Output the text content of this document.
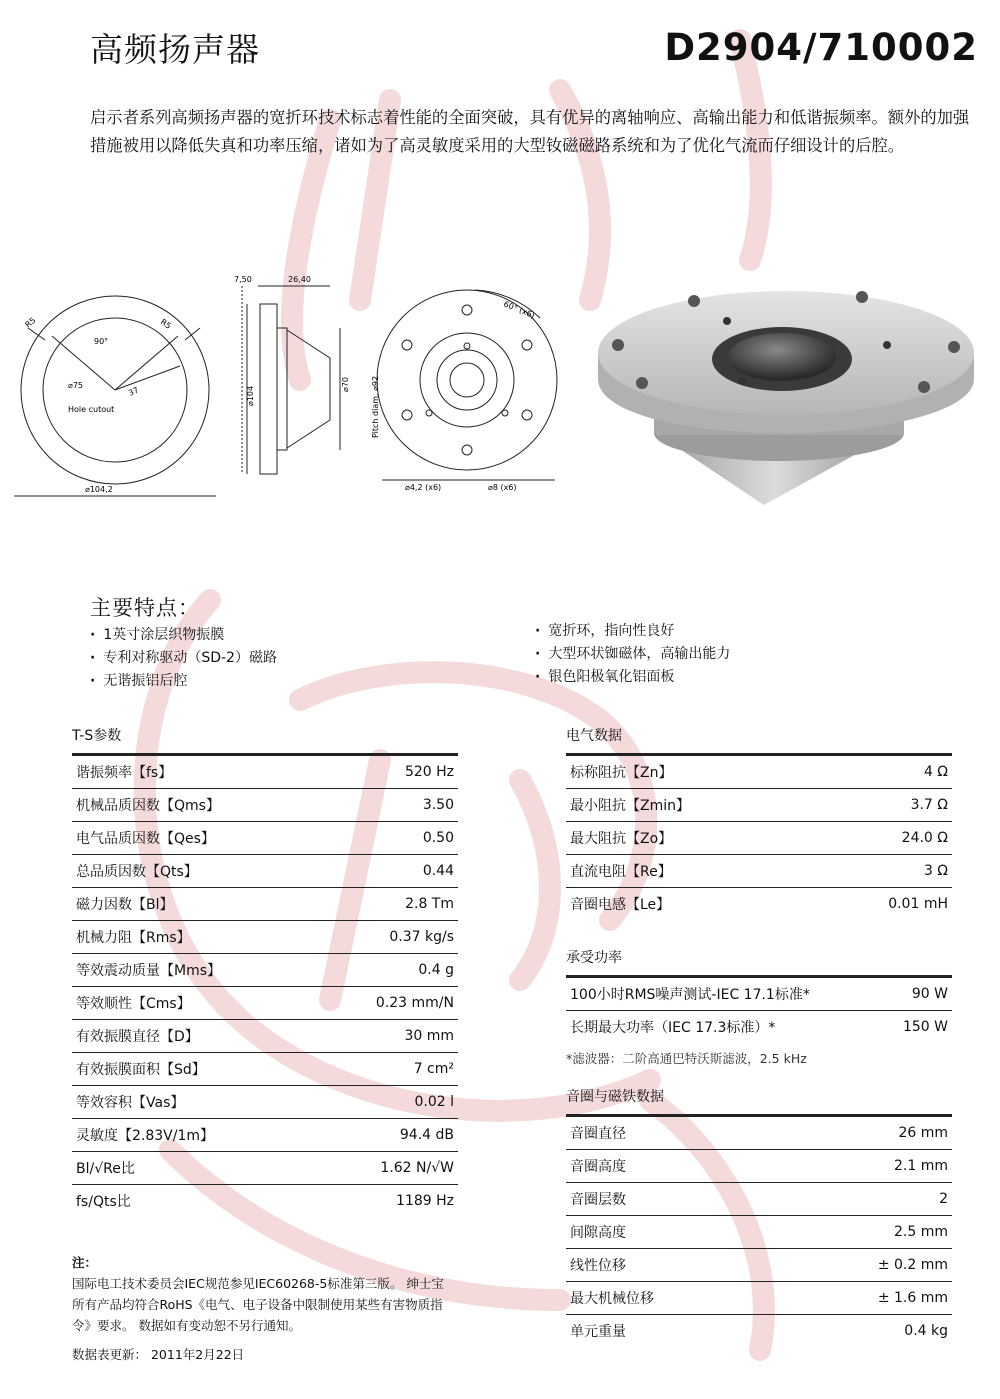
高频扬声器	D2904/710002

启示者系列高频扬声器的宽折环技术标志着性能的全面突破，具有优异的离轴响应、高输出能力和低谐振频率。额外的加强措施被用以降低失真和功率压缩，诸如为了高灵敏度采用的大型钕磁磁路系统和为了优化气流而仔细设计的后腔。

R5	R5
90°
⌀75	37
Hole cutout
⌀104,2
7,50	26,40
⌀104
⌀70
60° (x6)
Pitch diam. ⌀92
⌀4,2 (x6)	⌀8 (x6)
主要特点：
· 1英寸涂层织物振膜
· 专利对称驱动（SD-2）磁路
· 无谐振铝后腔
· 宽折环，指向性良好
· 大型环状铷磁体，高输出能力
· 银色阳极氧化铝面板
T-S参数
谐振频率【fs】	520 Hz
机械品质因数【Qms】	3.50
电气品质因数【Qes】	0.50
总品质因数【Qts】	0.44
磁力因数【Bl】	2.8 Tm
机械力阻【Rms】	0.37 kg/s
等效震动质量【Mms】	0.4 g
等效顺性【Cms】	0.23 mm/N
有效振膜直径【D】	30 mm
有效振膜面积【Sd】	7 cm²
等效容积【Vas】	0.02 l
灵敏度【2.83V/1m】	94.4 dB
Bl/√Re比	1.62 N/√W
fs/Qts比	1189 Hz
电气数据
标称阻抗【Zn】	4 Ω
最小阻抗【Zmin】	3.7 Ω
最大阻抗【Zo】	24.0 Ω
直流电阻【Re】	3 Ω
音圈电感【Le】	0.01 mH
承受功率
100小时RMS噪声测试-IEC 17.1标准*	90 W
长期最大功率（IEC 17.3标准）*	150 W
*滤波器：二阶高通巴特沃斯滤波，2.5 kHz
音圈与磁铁数据
音圈直径	26 mm
音圈高度	2.1 mm
音圈层数	2
间隙高度	2.5 mm
线性位移	± 0.2 mm
最大机械位移	± 1.6 mm
单元重量	0.4 kg

注：

国际电工技术委员会IEC规范参见IEC60268-5标准第三版。 绅士宝所有产品均符合RoHS《电气、电子设备中限制使用某些有害物质指令》要求。 数据如有变动恕不另行通知。

数据表更新： 2011年2月22日
